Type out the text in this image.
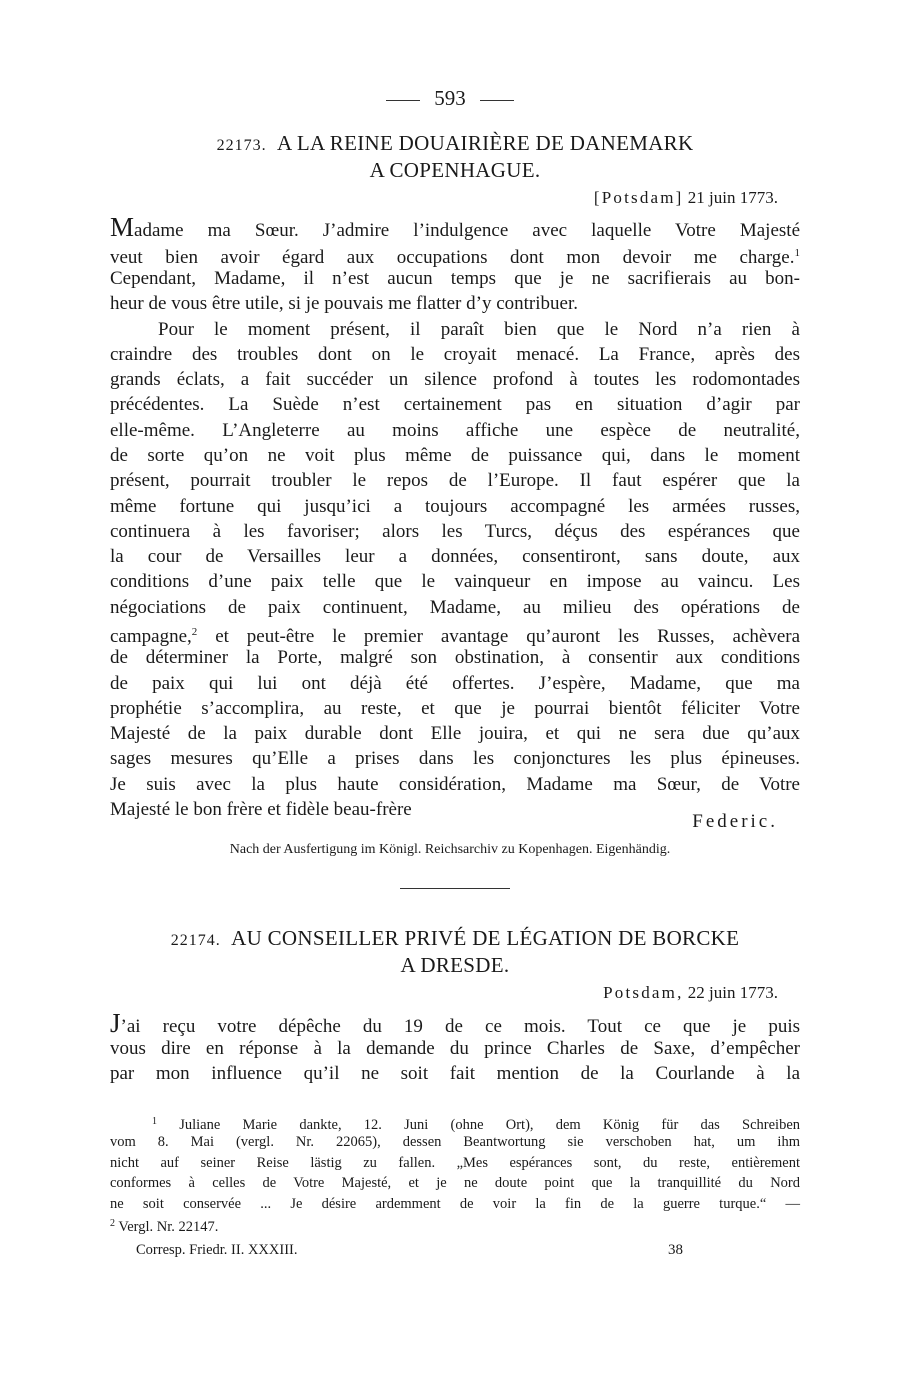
593
22173. A LA REINE DOUAIRIÈRE DE DANEMARK
A COPENHAGUE.
[Potsdam] 21 juin 1773.
Madame ma Sœur. J’admire l’indulgence avec laquelle Votre Majesté
veut bien avoir égard aux occupations dont mon devoir me charge.$^1$
Cependant, Madame, il n’est aucun temps que je ne sacrifierais au bon-
heur de vous être utile, si je pouvais me flatter d’y contribuer.
Pour le moment présent, il paraît bien que le Nord n’a rien à
craindre des troubles dont on le croyait menacé. La France, après des
grands éclats, a fait succéder un silence profond à toutes les rodomontades
précédentes. La Suède n’est certainement pas en situation d’agir par
elle-même. L’Angleterre au moins affiche une espèce de neutralité,
de sorte qu’on ne voit plus même de puissance qui, dans le moment
présent, pourrait troubler le repos de l’Europe. Il faut espérer que la
même fortune qui jusqu’ici a toujours accompagné les armées russes,
continuera à les favoriser; alors les Turcs, déçus des espérances que
la cour de Versailles leur a données, consentiront, sans doute, aux
conditions d’une paix telle que le vainqueur en impose au vaincu. Les
négociations de paix continuent, Madame, au milieu des opérations de
campagne,$^2$ et peut-être le premier avantage qu’auront les Russes, achèvera
de déterminer la Porte, malgré son obstination, à consentir aux conditions
de paix qui lui ont déjà été offertes. J’espère, Madame, que ma
prophétie s’accomplira, au reste, et que je pourrai bientôt féliciter Votre
Majesté de la paix durable dont Elle jouira, et qui ne sera due qu’aux
sages mesures qu’Elle a prises dans les conjonctures les plus épineuses.
Je suis avec la plus haute considération, Madame ma Sœur, de Votre
Majesté le bon frère et fidèle beau-frère
Federic.
Nach der Ausfertigung im Königl. Reichsarchiv zu Kopenhagen. Eigenhändig.
22174. AU CONSEILLER PRIVÉ DE LÉGATION DE BORCKE
A DRESDE.
Potsdam, 22 juin 1773.
J’ai reçu votre dépêche du 19 de ce mois. Tout ce que je puis
vous dire en réponse à la demande du prince Charles de Saxe, d’empêcher
par mon influence qu’il ne soit fait mention de la Courlande à la
$^1$ Juliane Marie dankte, 12. Juni (ohne Ort), dem König für das Schreiben
vom 8. Mai (vergl. Nr. 22065), dessen Beantwortung sie verschoben hat, um ihm
nicht auf seiner Reise lästig zu fallen. „Mes espérances sont, du reste, entièrement
conformes à celles de Votre Majesté, et je ne doute point que la tranquillité du Nord
ne soit conservée ... Je désire ardemment de voir la fin de la guerre turque.“ —
$^2$ Vergl. Nr. 22147.
Corresp. Friedr. II. XXXIII.	38
